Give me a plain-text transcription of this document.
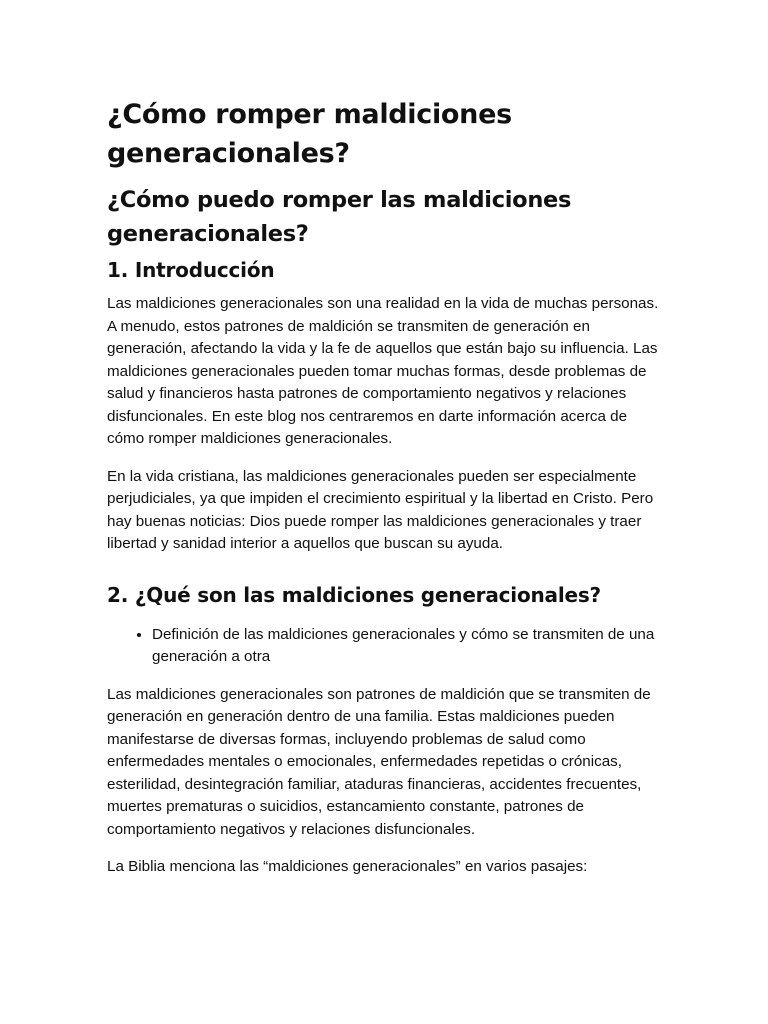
¿Cómo romper maldiciones generacionales?
¿Cómo puedo romper las maldiciones generacionales?
1. Introducción

Las maldiciones generacionales son una realidad en la vida de muchas personas. A menudo, estos patrones de maldición se transmiten de generación en generación, afectando la vida y la fe de aquellos que están bajo su influencia. Las maldiciones generacionales pueden tomar muchas formas, desde problemas de salud y financieros hasta patrones de comportamiento negativos y relaciones disfuncionales. En este blog nos centraremos en darte información acerca de cómo romper maldiciones generacionales.

En la vida cristiana, las maldiciones generacionales pueden ser especialmente perjudiciales, ya que impiden el crecimiento espiritual y la libertad en Cristo. Pero hay buenas noticias: Dios puede romper las maldiciones generacionales y traer libertad y sanidad interior a aquellos que buscan su ayuda.

2. ¿Qué son las maldiciones generacionales?
• Definición de las maldiciones generacionales y cómo se transmiten de una generación a otra

Las maldiciones generacionales son patrones de maldición que se transmiten de generación en generación dentro de una familia. Estas maldiciones pueden manifestarse de diversas formas, incluyendo problemas de salud como enfermedades mentales o emocionales, enfermedades repetidas o crónicas, esterilidad, desintegración familiar, ataduras financieras, accidentes frecuentes, muertes prematuras o suicidios, estancamiento constante, patrones de comportamiento negativos y relaciones disfuncionales.

La Biblia menciona las “maldiciones generacionales” en varios pasajes:
